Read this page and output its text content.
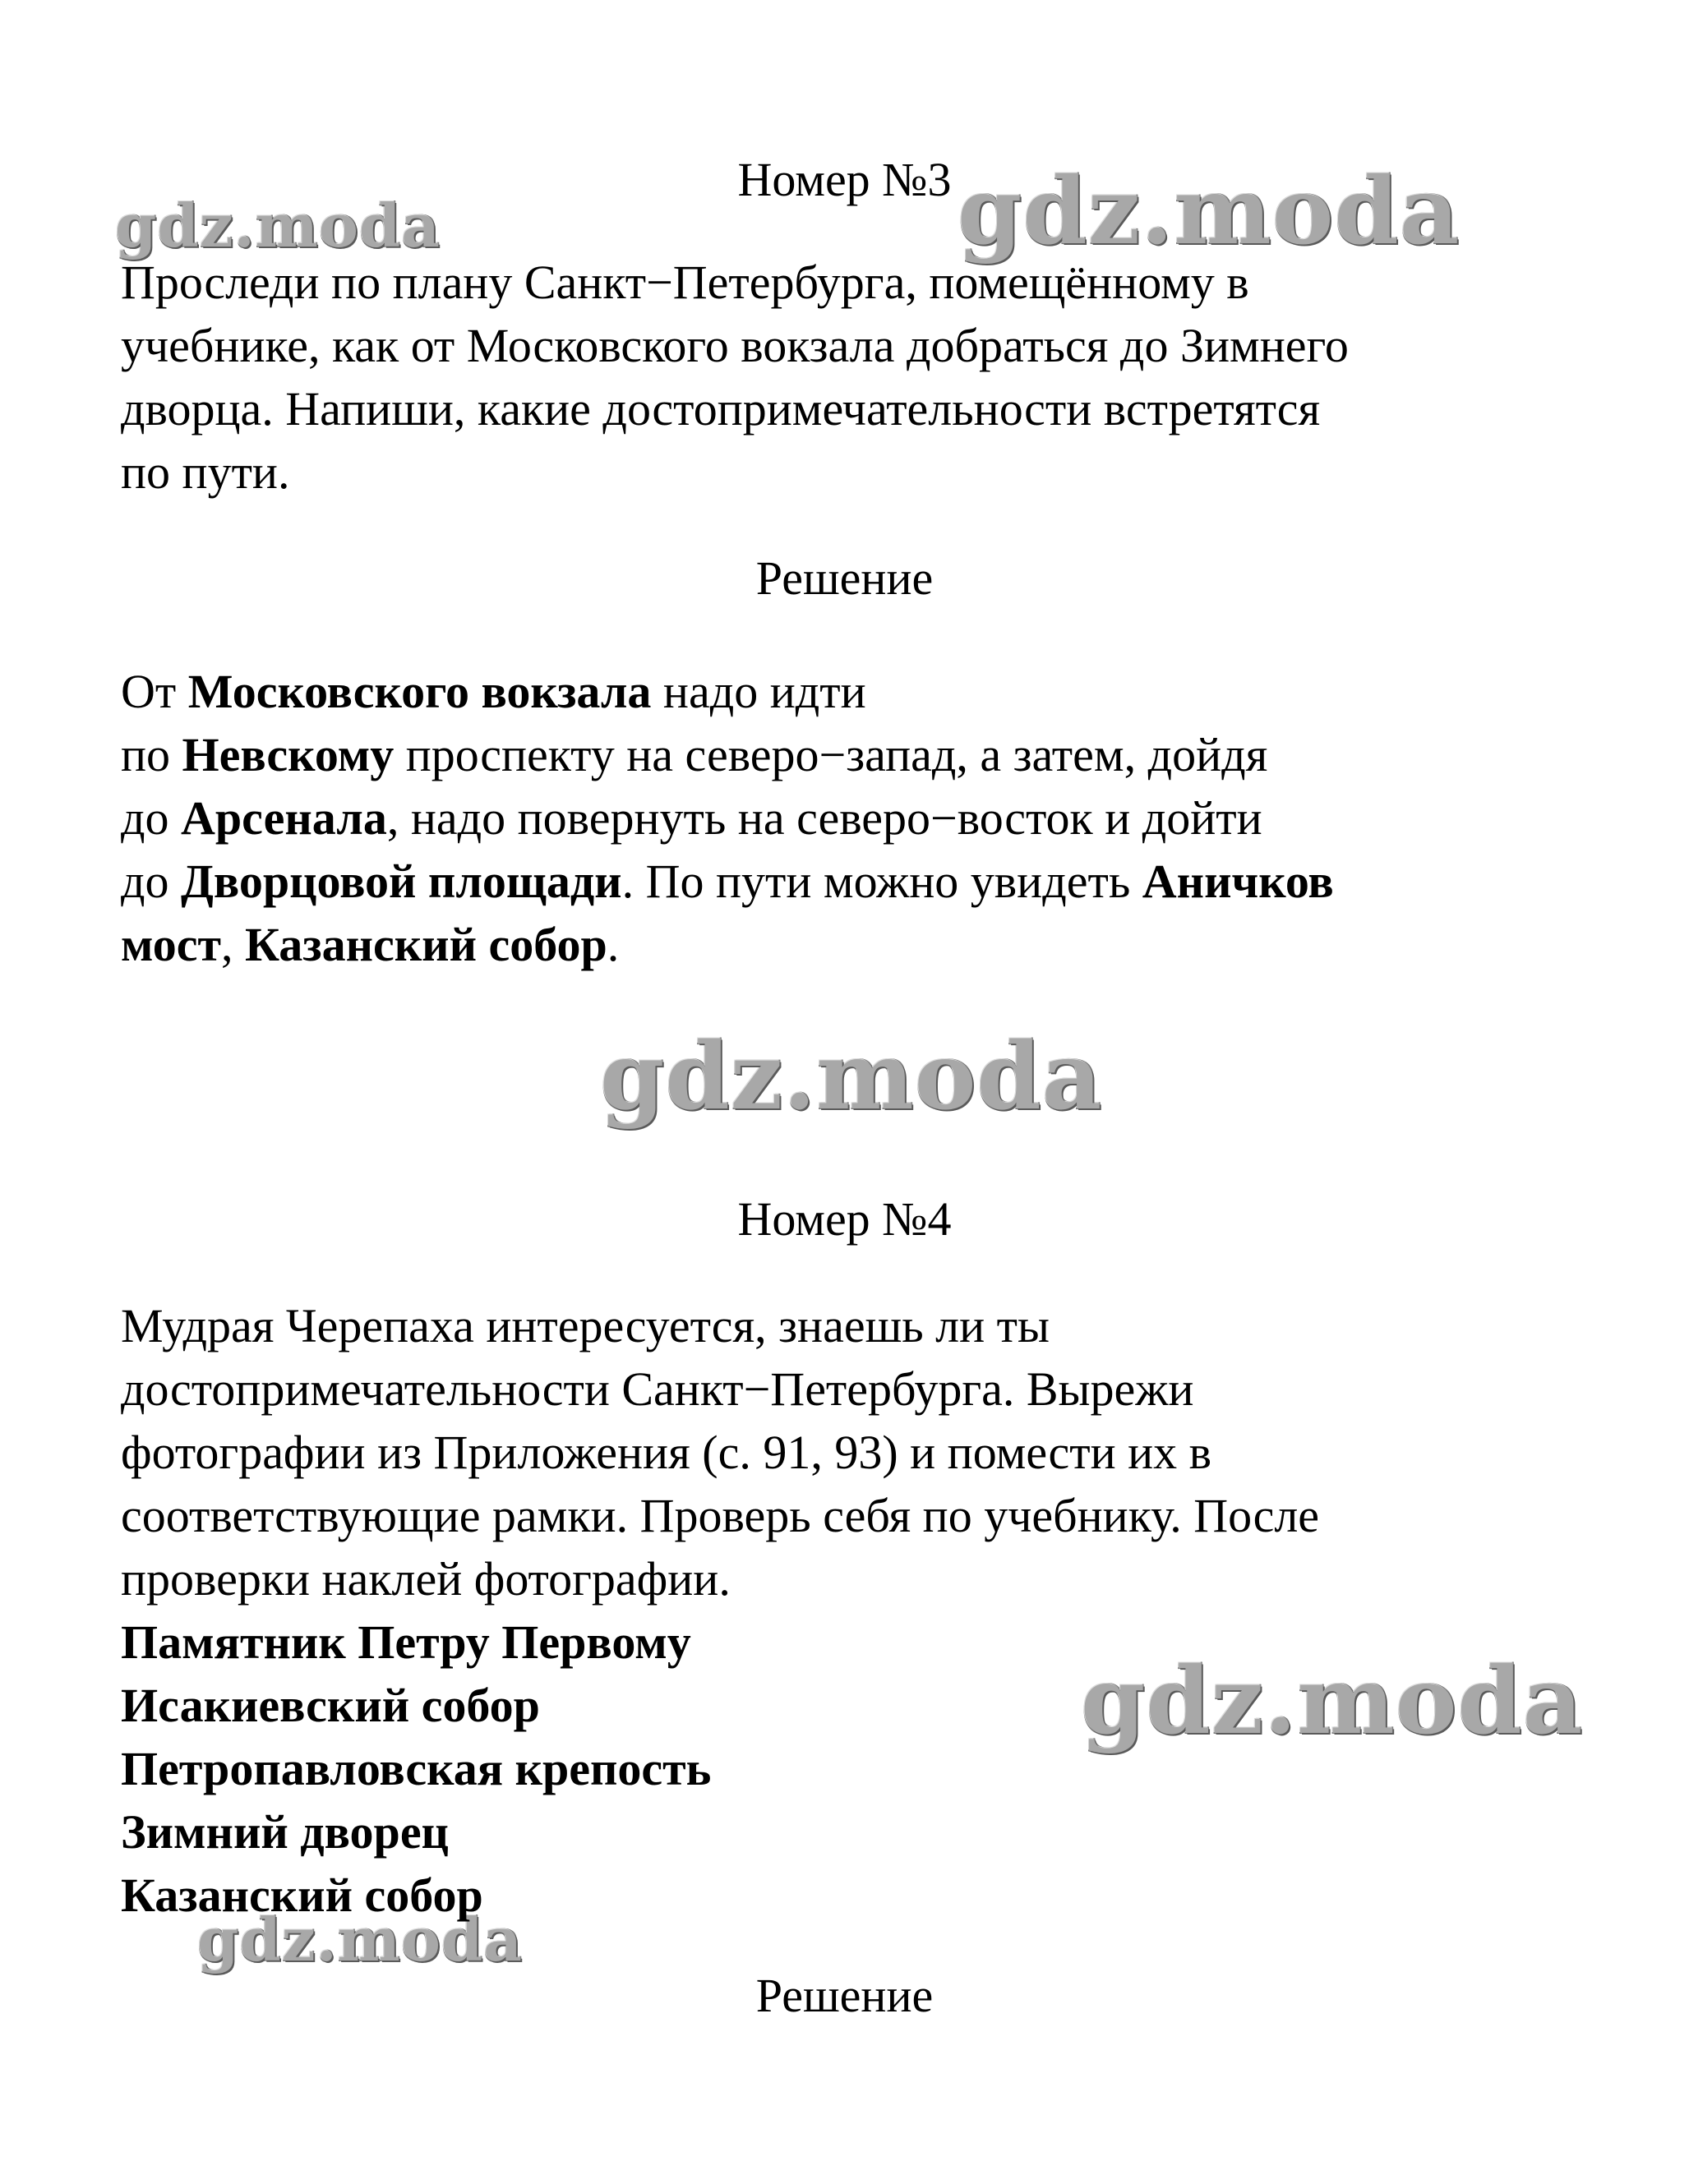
gdz.moda	gdz.moda
gdz.moda
gdz.moda
gdz.moda
Номер №3
Проследи по плану Санкт−Петербурга, помещённому в
учебнике, как от Московского вокзала добраться до Зимнего
дворца. Напиши, какие достопримечательности встретятся
по пути.
Решение
От Московского вокзала надо идти
по Невскому проспекту на северо−запад, а затем, дойдя
до Арсенала, надо повернуть на северо−восток и дойти
до Дворцовой площади. По пути можно увидеть Аничков
мост, Казанский собор.
Номер №4
Мудрая Черепаха интересуется, знаешь ли ты
достопримечательности Санкт−Петербурга. Вырежи
фотографии из Приложения (с. 91, 93) и помести их в
соответствующие рамки. Проверь себя по учебнику. После
проверки наклей фотографии.
Памятник Петру Первому
Исакиевский собор
Петропавловская крепость
Зимний дворец
Казанский собор
Решение
